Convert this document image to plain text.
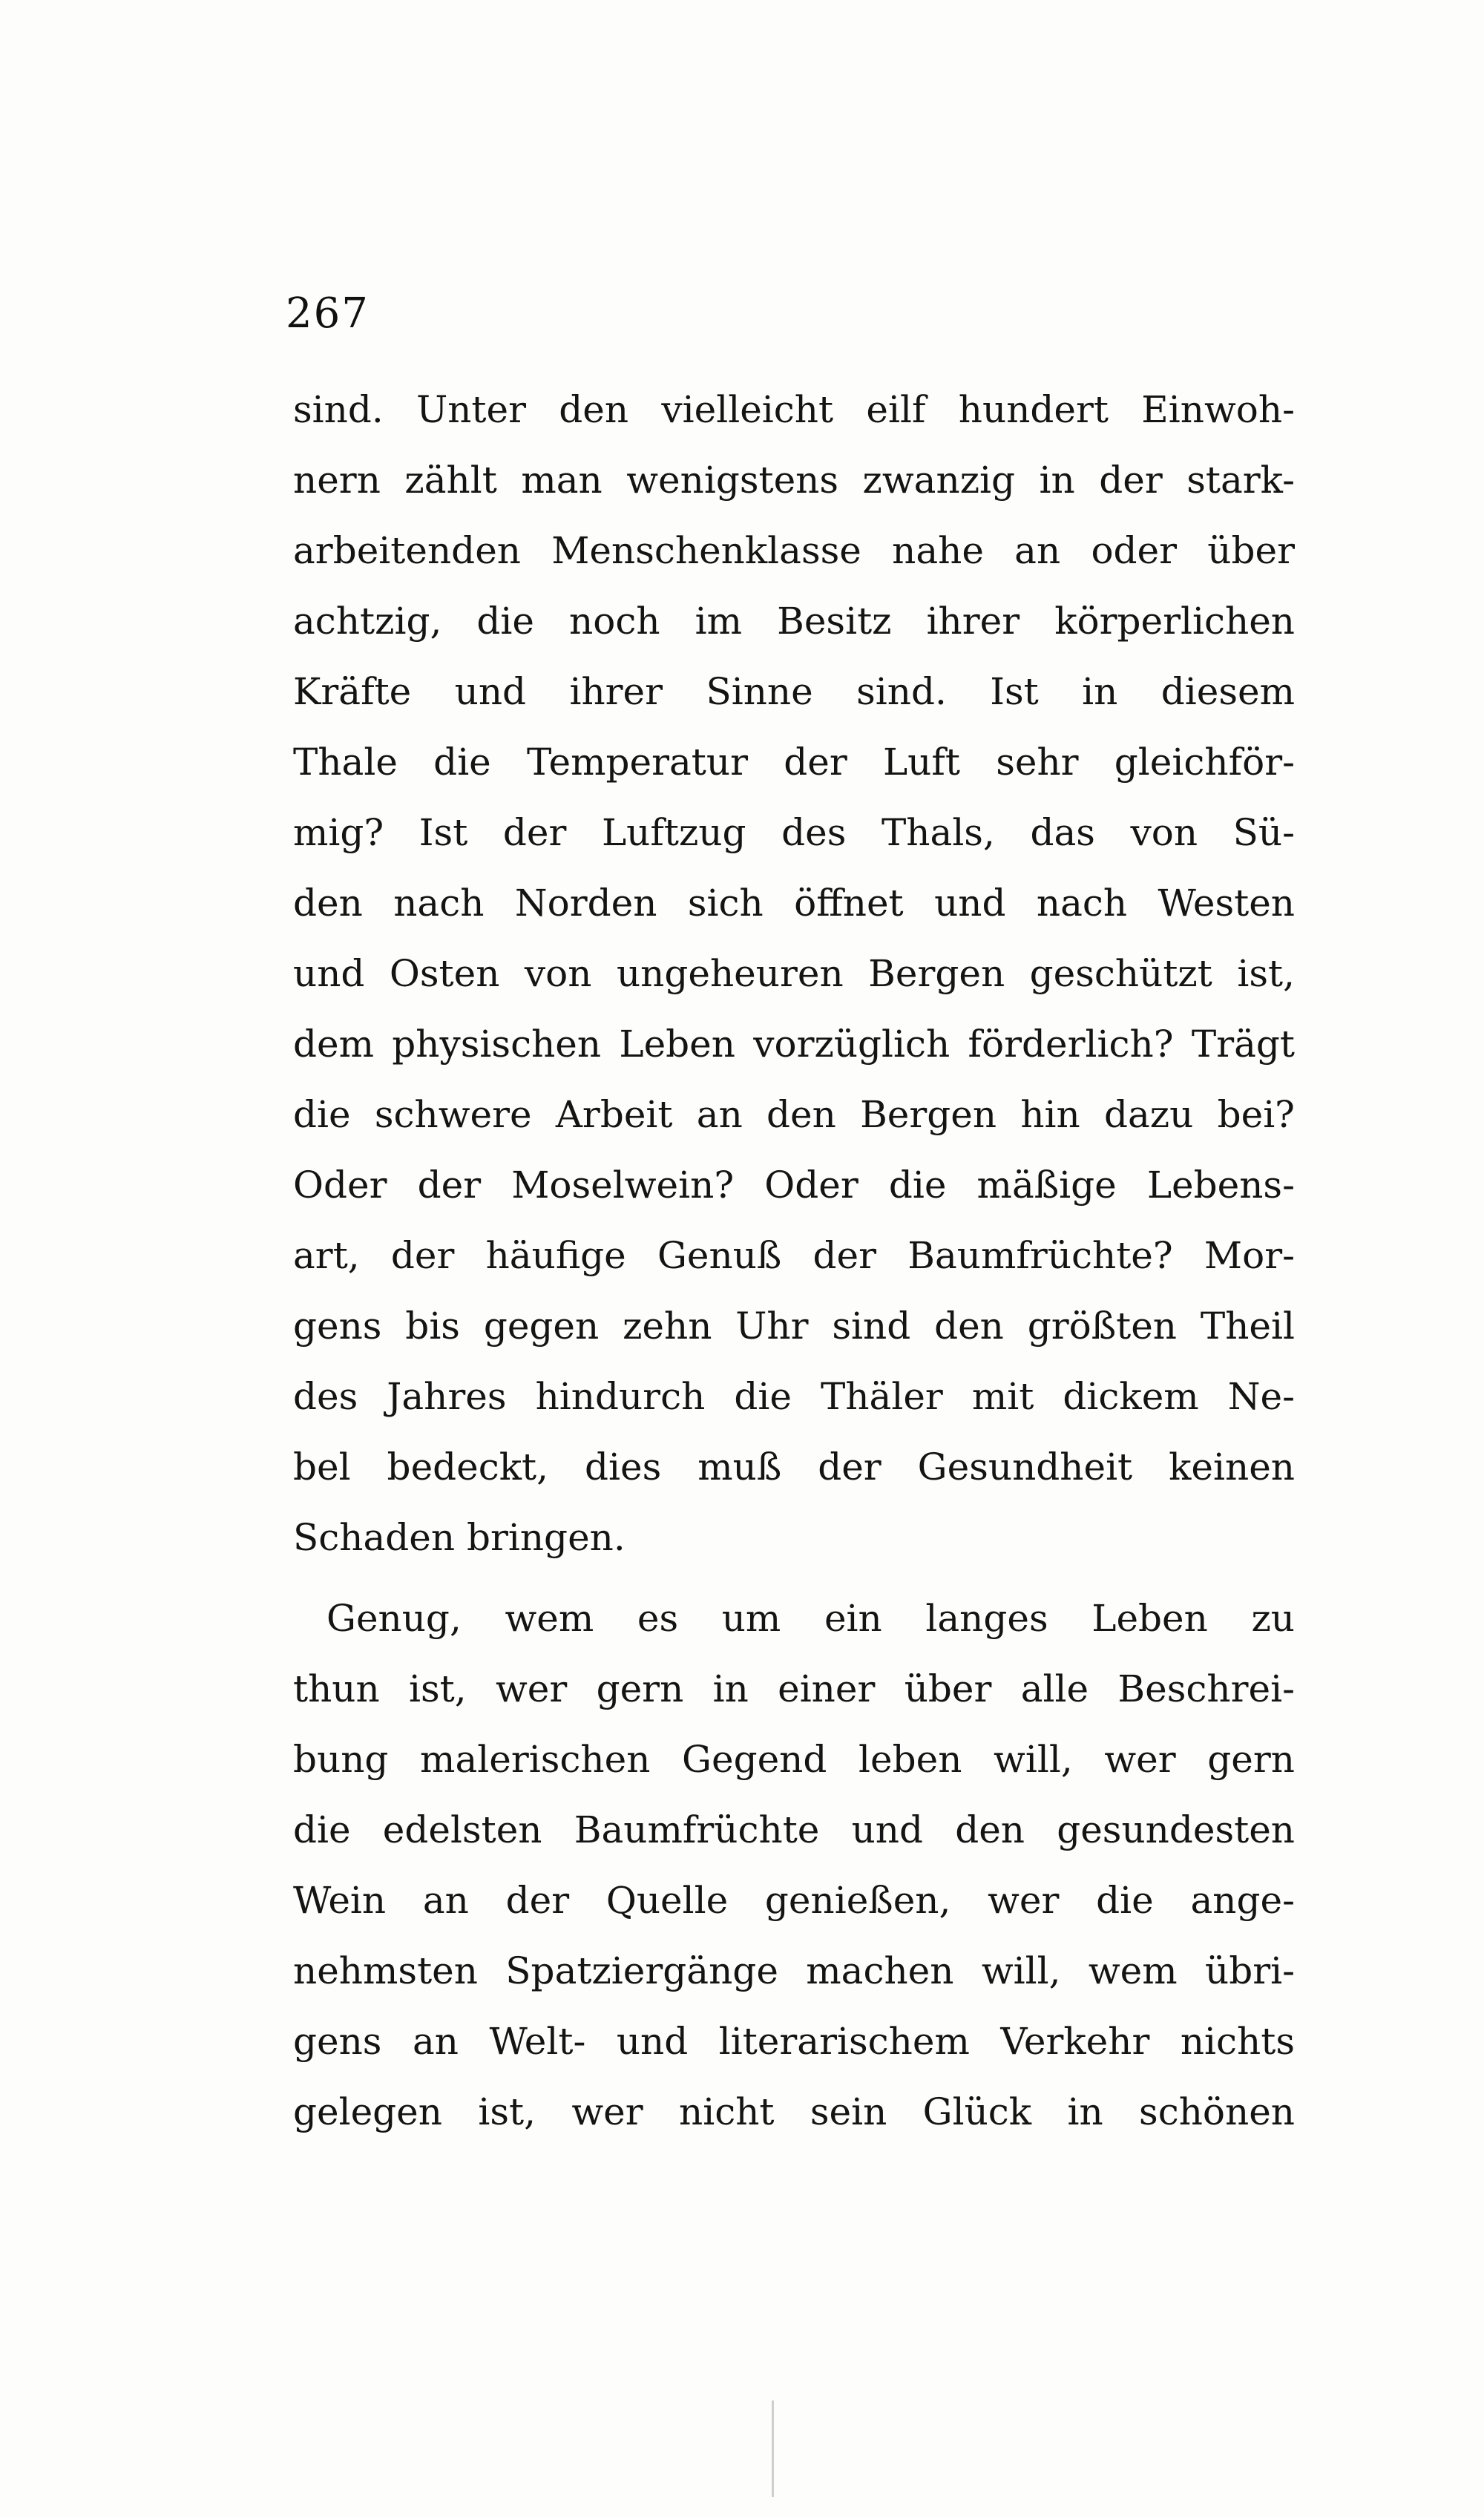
267
sind. Unter den vielleicht eilf hundert Einwoh-
nern zählt man wenigstens zwanzig in der stark-
arbeitenden Menschenklasse nahe an oder über
achtzig, die noch im Besitz ihrer körperlichen
Kräfte und ihrer Sinne sind. Ist in diesem
Thale die Temperatur der Luft sehr gleichför-
mig? Ist der Luftzug des Thals, das von Sü-
den nach Norden sich öffnet und nach Westen
und Osten von ungeheuren Bergen geschützt ist,
dem physischen Leben vorzüglich förderlich? Trägt
die schwere Arbeit an den Bergen hin dazu bei?
Oder der Moselwein? Oder die mäßige Lebens-
art, der häufige Genuß der Baumfrüchte? Mor-
gens bis gegen zehn Uhr sind den größten Theil
des Jahres hindurch die Thäler mit dickem Ne-
bel bedeckt, dies muß der Gesundheit keinen
Schaden bringen.
Genug, wem es um ein langes Leben zu
thun ist, wer gern in einer über alle Beschrei-
bung malerischen Gegend leben will, wer gern
die edelsten Baumfrüchte und den gesundesten
Wein an der Quelle genießen, wer die ange-
nehmsten Spatziergänge machen will, wem übri-
gens an Welt- und literarischem Verkehr nichts
gelegen ist, wer nicht sein Glück in schönen
